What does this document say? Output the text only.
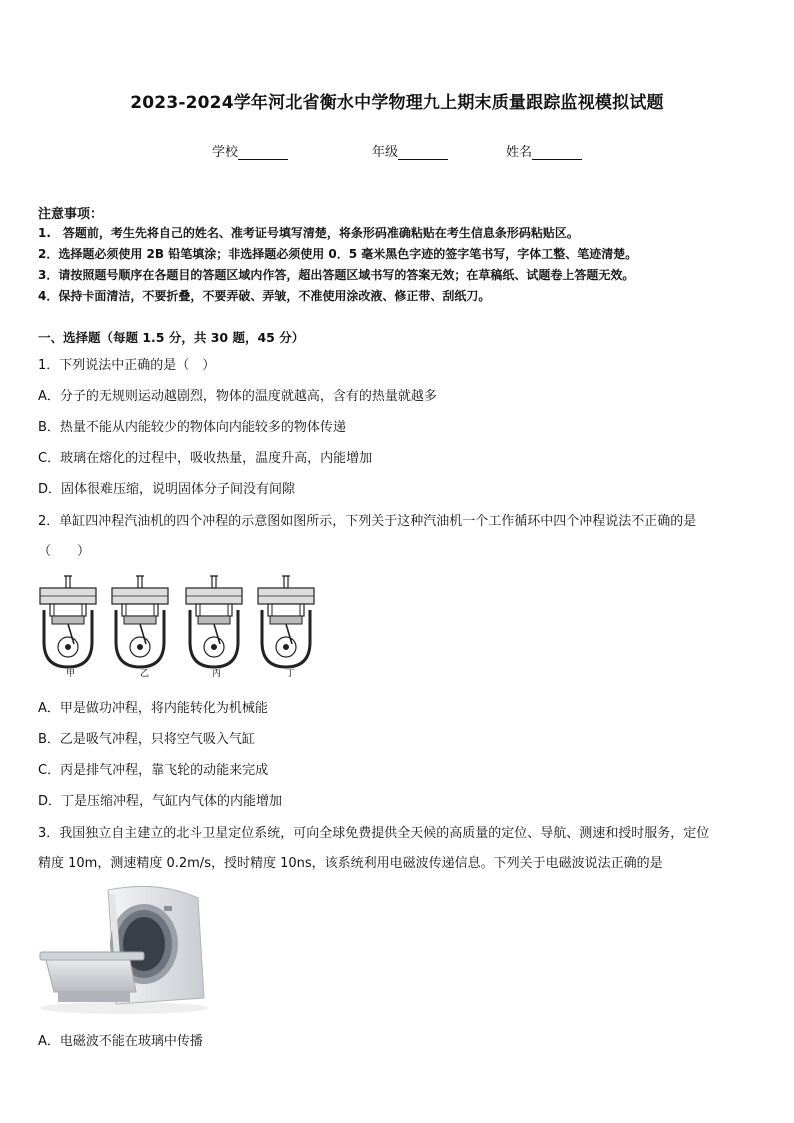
2023-2024学年河北省衡水中学物理九上期末质量跟踪监视模拟试题
学校	年级	姓名
注意事项：
1.　答题前，考生先将自己的姓名、准考证号填写清楚，将条形码准确粘贴在考生信息条形码粘贴区。
2．选择题必须使用 2B 铅笔填涂；非选择题必须使用 0．5 毫米黑色字迹的签字笔书写，字体工整、笔迹清楚。
3．请按照题号顺序在各题目的答题区域内作答，超出答题区域书写的答案无效；在草稿纸、试题卷上答题无效。
4．保持卡面清洁，不要折叠，不要弄破、弄皱，不准使用涂改液、修正带、刮纸刀。
一、选择题（每题 1.5 分，共 30 题，45 分）
1．下列说法中正确的是（　）
A．分子的无规则运动越剧烈，物体的温度就越高，含有的热量就越多
B．热量不能从内能较少的物体向内能较多的物体传递
C．玻璃在熔化的过程中，吸收热量，温度升高，内能增加
D．固体很难压缩，说明固体分子间没有间隙
2．单缸四冲程汽油机的四个冲程的示意图如图所示，下列关于这种汽油机一个工作循环中四个冲程说法不正确的是
（　　）
甲	乙	丙	丁
A．甲是做功冲程，将内能转化为机械能
B．乙是吸气冲程，只将空气吸入气缸
C．丙是排气冲程，靠飞轮的动能来完成
D．丁是压缩冲程，气缸内气体的内能增加
3．我国独立自主建立的北斗卫星定位系统，可向全球免费提供全天候的高质量的定位、导航、测速和授时服务，定位
精度 10m，测速精度 0.2m/s，授时精度 10ns，该系统利用电磁波传递信息。下列关于电磁波说法正确的是
A．电磁波不能在玻璃中传播
